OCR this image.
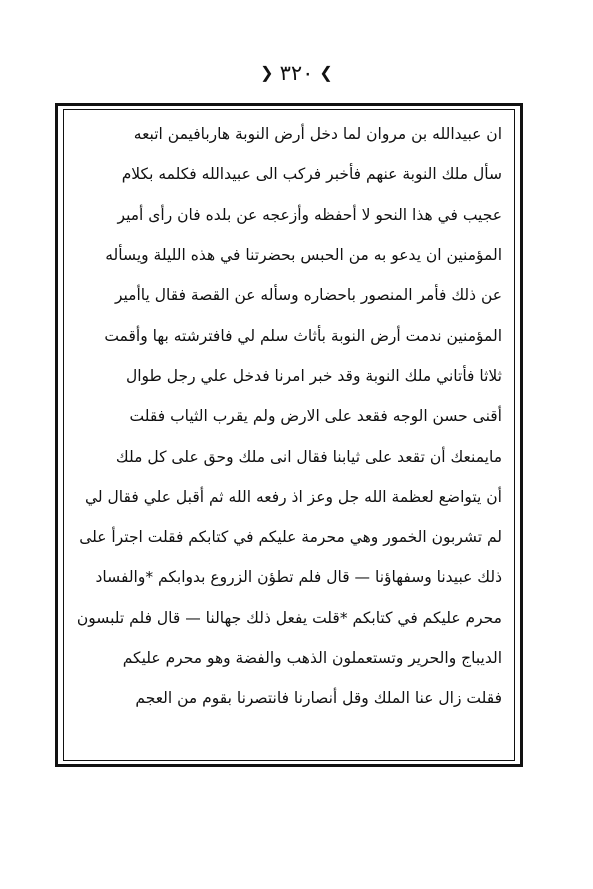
❯
٣٢٠
❮
ان عبيدالله بن مروان لما دخل أرض النوبة هاربافيمن اتبعه
سأل ملك النوبة عنهم فأخبر فركب الى عبيدالله فكلمه بكلام
عجيب في هذا النحو لا أحفظه وأزعجه عن بلده فان رأى أمير
المؤمنين ان يدعو به من الحبس بحضرتنا في هذه الليلة ويسأله
عن ذلك فأمر المنصور باحضاره وسأله عن القصة فقال ياأمير
المؤمنين ندمت أرض النوبة بأثاث سلم لي فافترشته بها وأقمت
ثلاثا فأتاني ملك النوبة وقد خبر امرنا فدخل علي رجل طوال
أقنى حسن الوجه فقعد على الارض ولم يقرب الثياب فقلت
مايمنعك أن تقعد على ثيابنا فقال انى ملك وحق على كل ملك
أن يتواضع لعظمة الله جل وعز اذ رفعه الله ثم أقبل علي فقال لي
لم تشربون الخمور وهي محرمة عليكم في كتابكم فقلت اجترأ على
ذلك عبيدنا وسفهاؤنا — قال فلم تطؤن الزروع بدوابكم *والفساد
محرم عليكم في كتابكم *قلت يفعل ذلك جهالنا — قال فلم تلبسون
الديباج والحرير وتستعملون الذهب والفضة وهو محرم عليكم
فقلت زال عنا الملك وقل أنصارنا فانتصرنا بقوم من العجم
